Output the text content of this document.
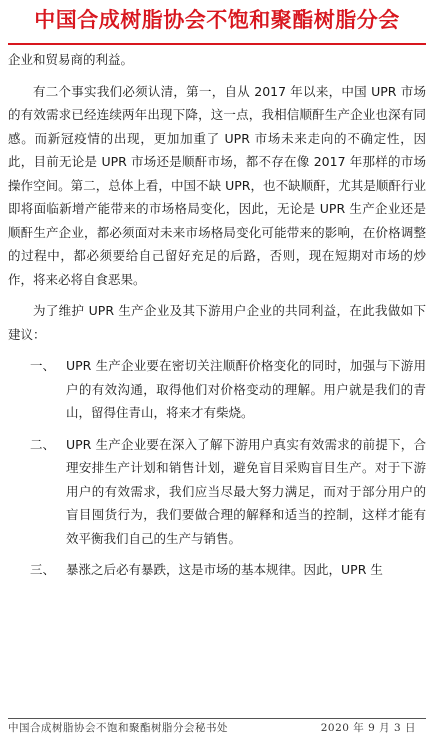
中国合成树脂协会不饱和聚酯树脂分会

企业和贸易商的利益。

有二个事实我们必须认清，第一，自从 2017 年以来，中国 UPR 市场的有效需求已经连续两年出现下降，这一点，我相信顺酐生产企业也深有同感。而新冠疫情的出现，更加加重了 UPR 市场未来走向的不确定性，因此，目前无论是 UPR 市场还是顺酐市场，都不存在像 2017 年那样的市场操作空间。第二，总体上看，中国不缺 UPR，也不缺顺酐，尤其是顺酐行业即将面临新增产能带来的市场格局变化，因此，无论是 UPR 生产企业还是顺酐生产企业，都必须面对未来市场格局变化可能带来的影响，在价格调整的过程中，都必须要给自己留好充足的后路，否则，现在短期对市场的炒作，将来必将自食恶果。

为了维护 UPR 生产企业及其下游用户企业的共同利益，在此我做如下建议：

一、 UPR 生产企业要在密切关注顺酐价格变化的同时，加强与下游用户的有效沟通，取得他们对价格变动的理解。用户就是我们的青山，留得住青山，将来才有柴烧。
二、 UPR 生产企业要在深入了解下游用户真实有效需求的前提下，合理安排生产计划和销售计划，避免盲目采购盲目生产。对于下游用户的有效需求，我们应当尽最大努力满足，而对于部分用户的盲目囤货行为，我们要做合理的解释和适当的控制，这样才能有效平衡我们自己的生产与销售。
三、 暴涨之后必有暴跌，这是市场的基本规律。因此，UPR 生
中国合成树脂协会不饱和聚酯树脂分会秘书处	2020 年 9 月 3 日
